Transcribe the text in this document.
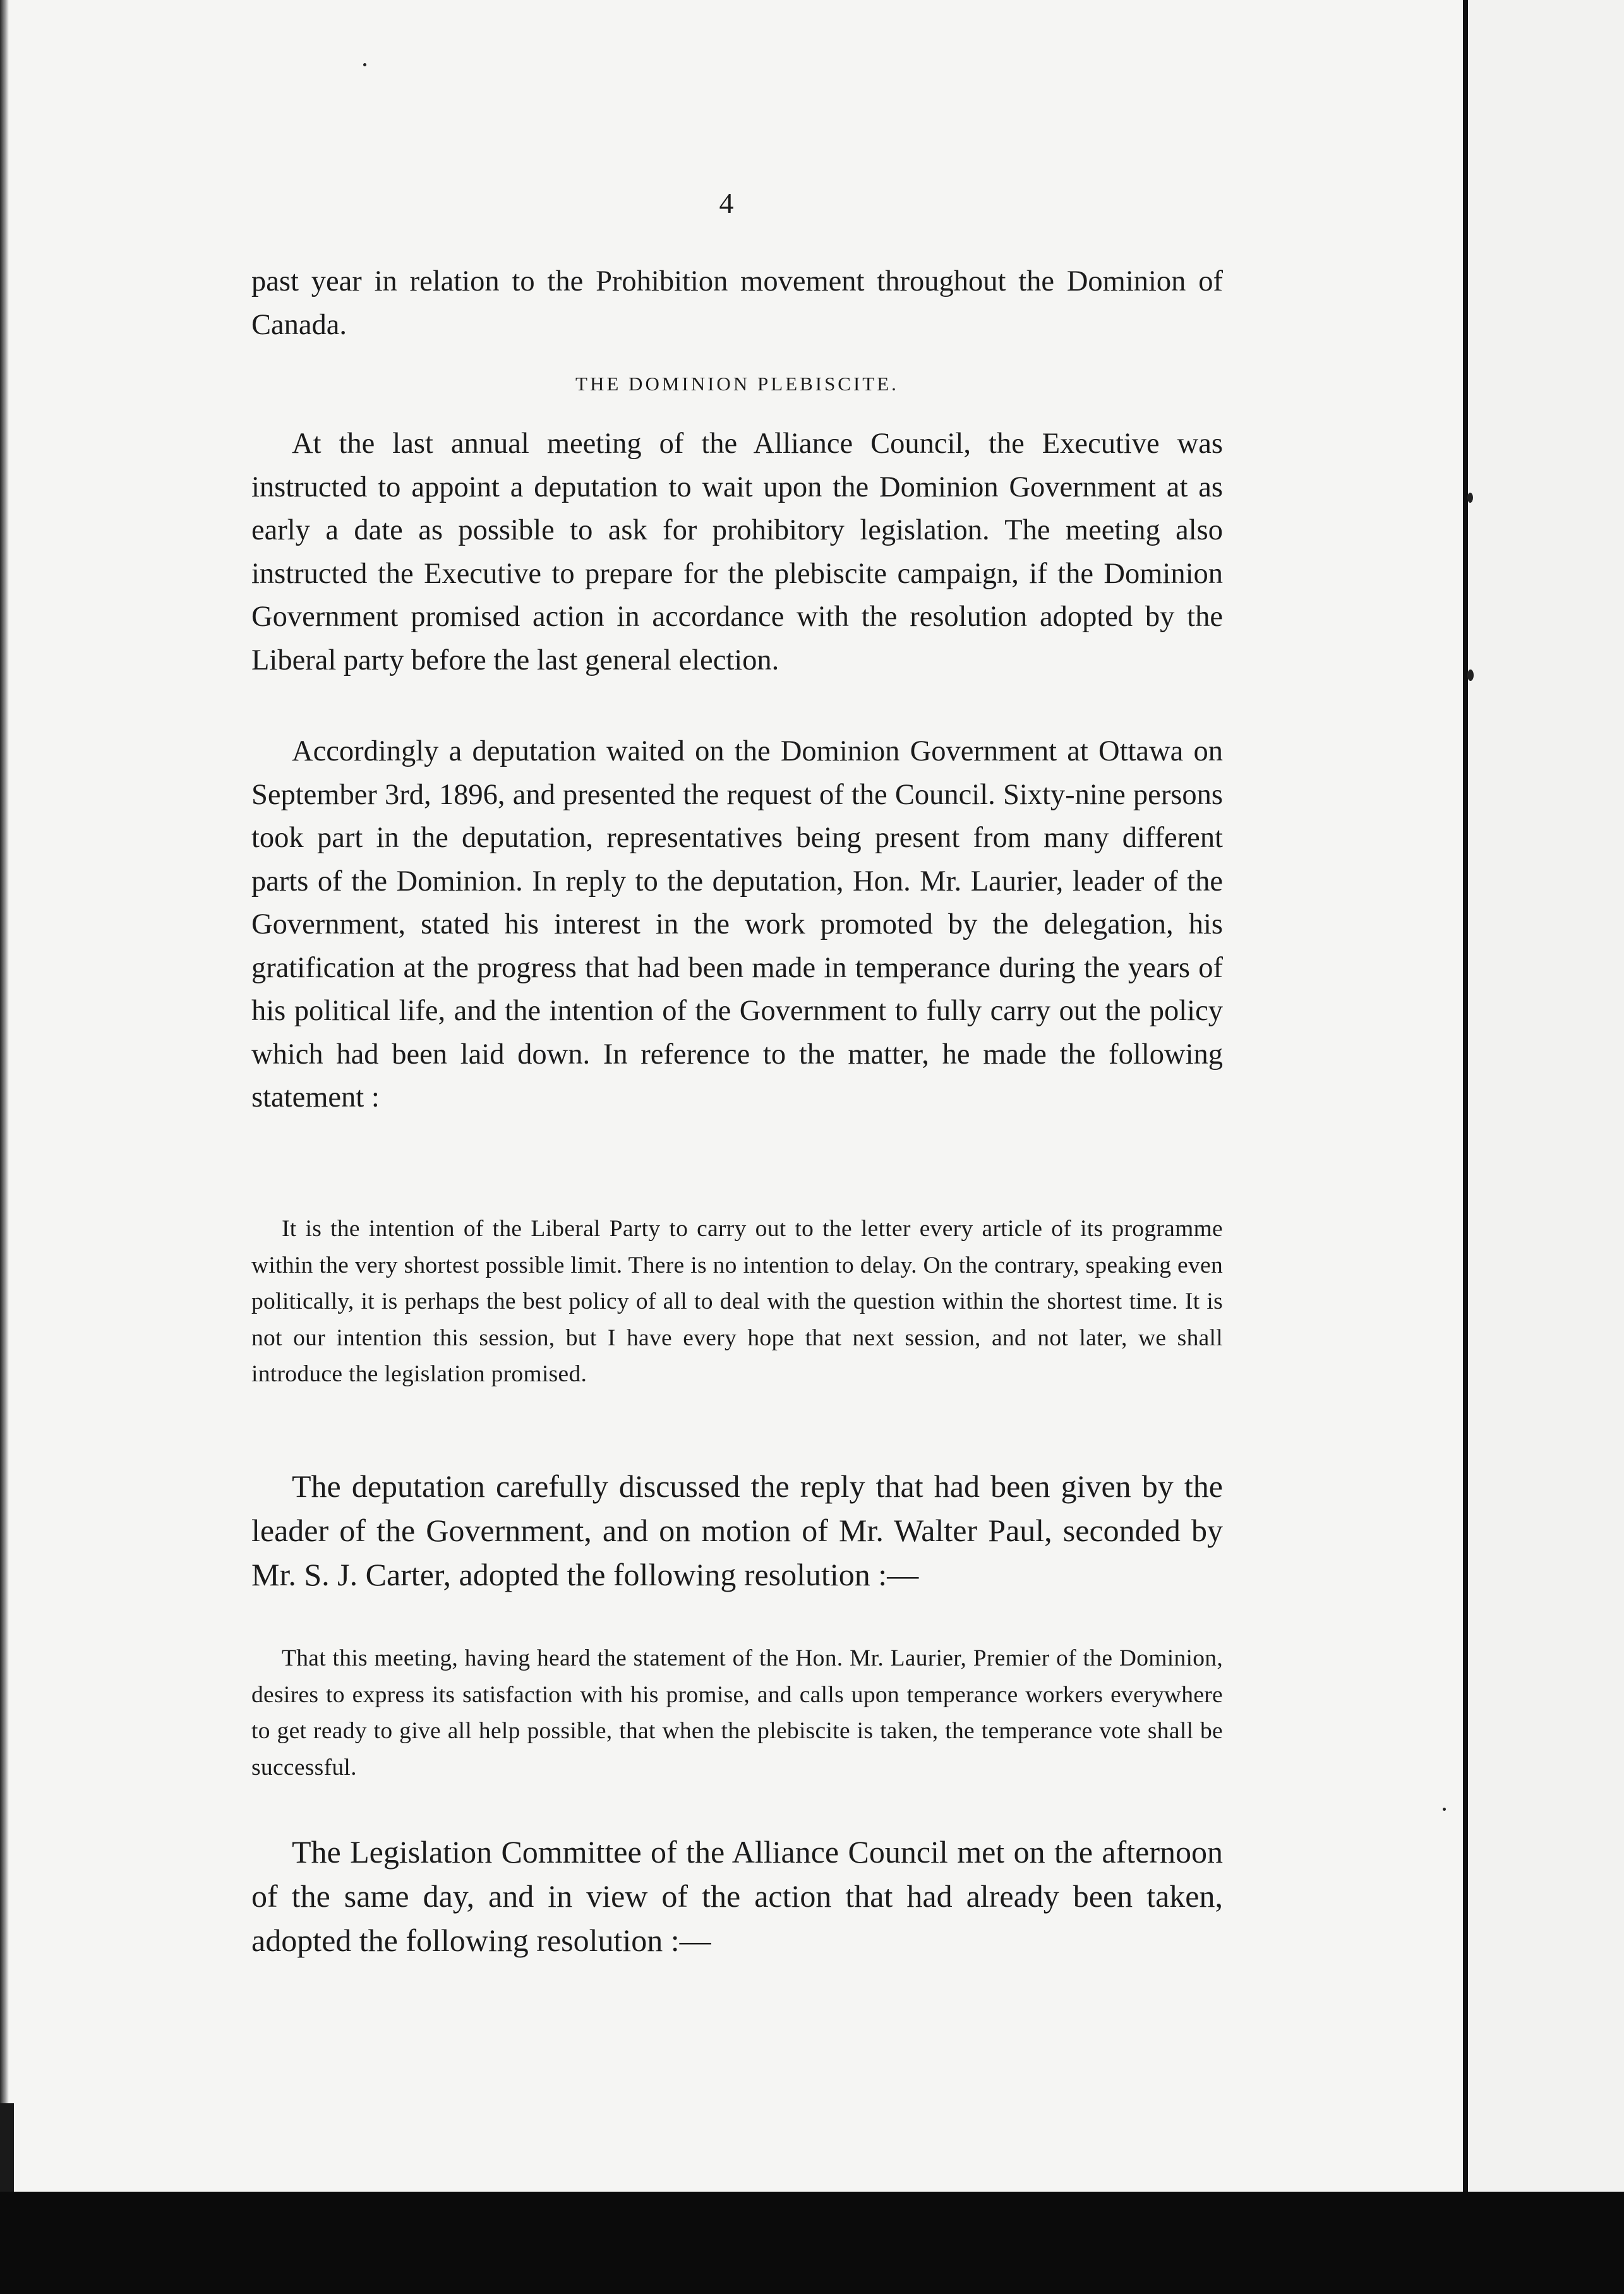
4

past year in relation to the Prohibition movement throughout the Dominion of Canada.

THE DOMINION PLEBISCITE.

At the last annual meeting of the Alliance Council, the Executive was instructed to appoint a deputation to wait upon the Dominion Government at as early a date as possible to ask for prohibitory legislation. The meeting also instructed the Executive to prepare for the plebiscite campaign, if the Dominion Government promised action in accordance with the resolution adopted by the Liberal party before the last general election.

Accordingly a deputation waited on the Dominion Government at Ottawa on September 3rd, 1896, and presented the request of the Council. Sixty-nine persons took part in the deputation, representatives being present from many different parts of the Dominion. In reply to the deputation, Hon. Mr. Laurier, leader of the Government, stated his interest in the work promoted by the delegation, his gratification at the progress that had been made in temperance during the years of his political life, and the intention of the Government to fully carry out the policy which had been laid down. In reference to the matter, he made the following statement :

It is the intention of the Liberal Party to carry out to the letter every article of its programme within the very shortest possible limit. There is no intention to delay. On the contrary, speaking even politically, it is perhaps the best policy of all to deal with the question within the shortest time. It is not our intention this session, but I have every hope that next session, and not later, we shall introduce the legislation promised.

The deputation carefully discussed the reply that had been given by the leader of the Government, and on motion of Mr. Walter Paul, seconded by Mr. S. J. Carter, adopted the following resolution :—

That this meeting, having heard the statement of the Hon. Mr. Laurier, Premier of the Dominion, desires to express its satisfaction with his promise, and calls upon temperance workers everywhere to get ready to give all help possible, that when the plebiscite is taken, the temperance vote shall be successful.

The Legislation Committee of the Alliance Council met on the afternoon of the same day, and in view of the action that had already been taken, adopted the following resolution :—
